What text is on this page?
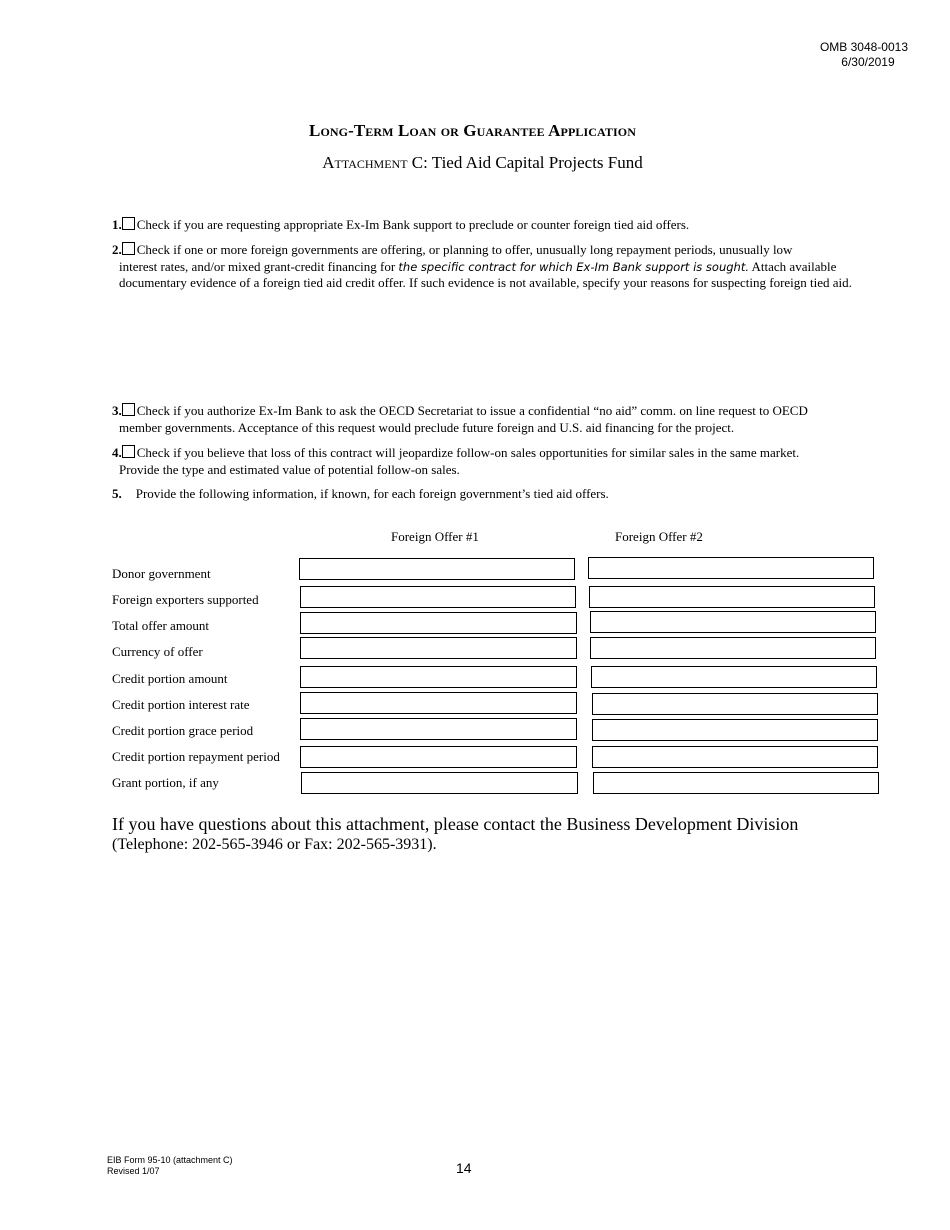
OMB 3048-0013
6/30/2019
Long-Term Loan or Guarantee Application
Attachment C: Tied Aid Capital Projects Fund
1. Check if you are requesting appropriate Ex-Im Bank support to preclude or counter foreign tied aid offers.
2. Check if one or more foreign governments are offering, or planning to offer, unusually long repayment periods, unusually low
interest rates, and/or mixed grant-credit financing for the specific contract for which Ex-Im Bank support is sought. Attach available documentary evidence of a foreign tied aid credit offer. If such evidence is not available, specify your reasons for suspecting foreign tied aid.
3. Check if you authorize Ex-Im Bank to ask the OECD Secretariat to issue a confidential “no aid” comm. on line request to OECD
member governments. Acceptance of this request would preclude future foreign and U.S. aid financing for the project.
4. Check if you believe that loss of this contract will jeopardize follow-on sales opportunities for similar sales in the same market.
Provide the type and estimated value of potential follow-on sales.
5. Provide the following information, if known, for each foreign government’s tied aid offers.
Foreign Offer #1	Foreign Offer #2
Donor government
Foreign exporters supported
Total offer amount
Currency of offer
Credit portion amount
Credit portion interest rate
Credit portion grace period
Credit portion repayment period
Grant portion, if any
If you have questions about this attachment, please contact the Business Development Division
(Telephone: 202-565-3946 or Fax: 202-565-3931).
EIB Form 95-10 (attachment C)
Revised 1/07	14
